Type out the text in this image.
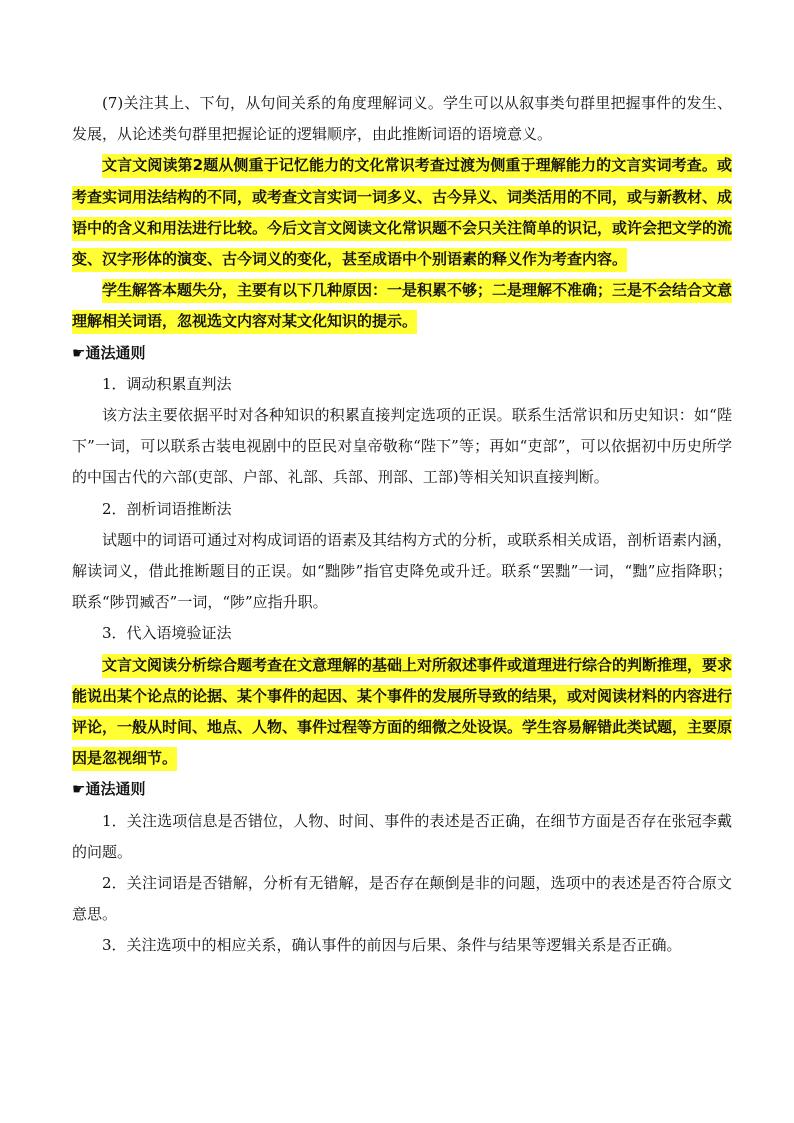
(7)关注其上、下句，从句间关系的角度理解词义。学生可以从叙事类句群里把握事件的发生、发展，从论述类句群里把握论证的逻辑顺序，由此推断词语的语境意义。

文言文阅读第2题从侧重于记忆能力的文化常识考查过渡为侧重于理解能力的文言实词考查。或考查实词用法结构的不同，或考查文言实词一词多义、古今异义、词类活用的不同，或与新教材、成语中的含义和用法进行比较。今后文言文阅读文化常识题不会只关注简单的识记，或许会把文学的流变、汉字形体的演变、古今词义的变化，甚至成语中个别语素的释义作为考查内容。

学生解答本题失分，主要有以下几种原因：一是积累不够；二是理解不准确；三是不会结合文意理解相关词语，忽视选文内容对某文化知识的提示。

☛通法通则

1．调动积累直判法

该方法主要依据平时对各种知识的积累直接判定选项的正误。联系生活常识和历史知识：如“陛下”一词，可以联系古装电视剧中的臣民对皇帝敬称“陛下”等；再如“吏部”，可以依据初中历史所学的中国古代的六部(吏部、户部、礼部、兵部、刑部、工部)等相关知识直接判断。

2．剖析词语推断法

试题中的词语可通过对构成词语的语素及其结构方式的分析，或联系相关成语，剖析语素内涵，解读词义，借此推断题目的正误。如“黜陟”指官吏降免或升迁。联系“罢黜”一词，“黜”应指降职；联系“陟罚臧否”一词，“陟”应指升职。

3．代入语境验证法

文言文阅读分析综合题考查在文意理解的基础上对所叙述事件或道理进行综合的判断推理，要求能说出某个论点的论据、某个事件的起因、某个事件的发展所导致的结果，或对阅读材料的内容进行评论，一般从时间、地点、人物、事件过程等方面的细微之处设误。学生容易解错此类试题，主要原因是忽视细节。

☛通法通则

1．关注选项信息是否错位，人物、时间、事件的表述是否正确，在细节方面是否存在张冠李戴的问题。

2．关注词语是否错解，分析有无错解，是否存在颠倒是非的问题，选项中的表述是否符合原文意思。

3．关注选项中的相应关系，确认事件的前因与后果、条件与结果等逻辑关系是否正确。
